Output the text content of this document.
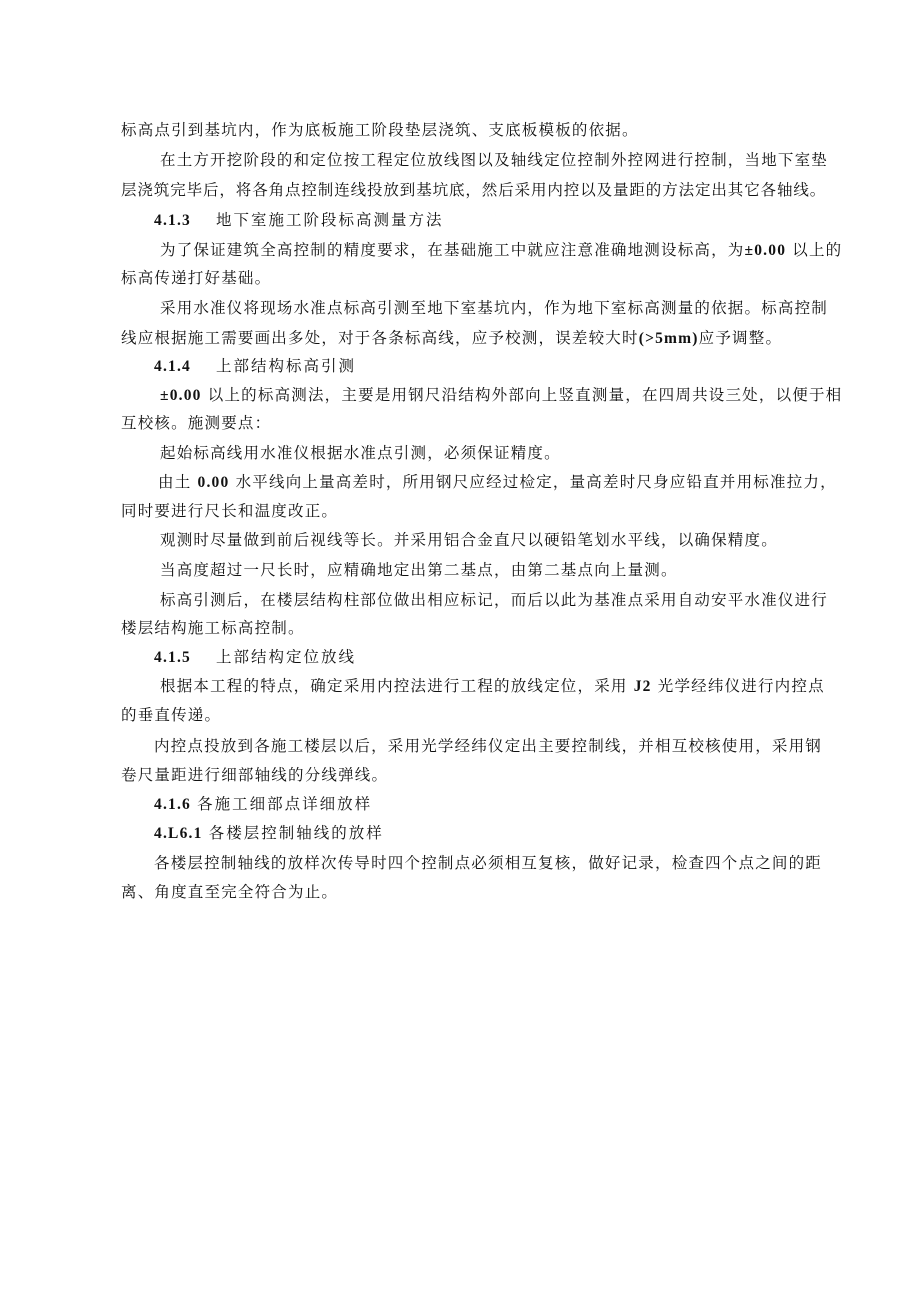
标高点引到基坑内，作为底板施工阶段垫层浇筑、支底板模板的依据。
在土方开挖阶段的和定位按工程定位放线图以及轴线定位控制外控网进行控制，当地下室垫
层浇筑完毕后，将各角点控制连线投放到基坑底，然后采用内控以及量距的方法定出其它各轴线。
4.1.3 地下室施工阶段标高测量方法
为了保证建筑全高控制的精度要求，在基础施工中就应注意准确地测设标高，为±0.00 以上的
标高传递打好基础。
采用水准仪将现场水准点标高引测至地下室基坑内，作为地下室标高测量的依据。标高控制
线应根据施工需要画出多处，对于各条标高线，应予校测，误差较大时(>5mm)应予调整。
4.1.4 上部结构标高引测
±0.00 以上的标高测法，主要是用钢尺沿结构外部向上竖直测量，在四周共设三处，以便于相
互校核。施测要点：
起始标高线用水准仪根据水准点引测，必须保证精度。
由土 0.00 水平线向上量高差时，所用钢尺应经过检定，量高差时尺身应铅直并用标准拉力，
同时要进行尺长和温度改正。
观测时尽量做到前后视线等长。并采用铝合金直尺以硬铅笔划水平线，以确保精度。
当高度超过一尺长时，应精确地定出第二基点，由第二基点向上量测。
标高引测后，在楼层结构柱部位做出相应标记，而后以此为基准点采用自动安平水准仪进行
楼层结构施工标高控制。
4.1.5 上部结构定位放线
根据本工程的特点，确定采用内控法进行工程的放线定位，采用 J2 光学经纬仪进行内控点
的垂直传递。
内控点投放到各施工楼层以后，采用光学经纬仪定出主要控制线，并相互校核使用，采用钢
卷尺量距进行细部轴线的分线弹线。
4.1.6 各施工细部点详细放样
4.L6.1 各楼层控制轴线的放样
各楼层控制轴线的放样次传导时四个控制点必须相互复核，做好记录，检查四个点之间的距
离、角度直至完全符合为止。
